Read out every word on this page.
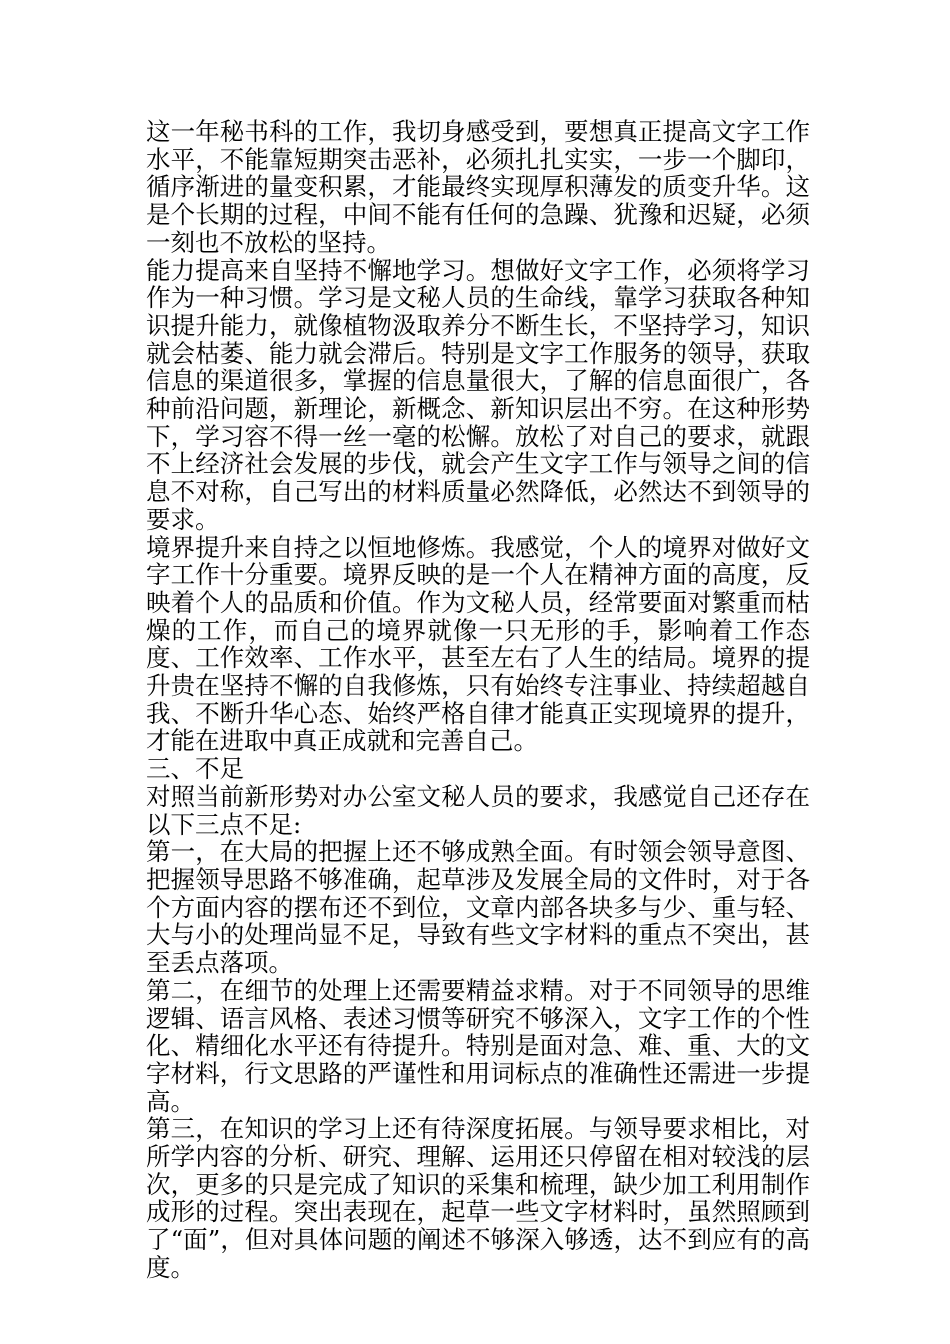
这一年秘书科的工作，我切身感受到，要想真正提高文字工作水平，不能靠短期突击恶补，必须扎扎实实，一步一个脚印，循序渐进的量变积累，才能最终实现厚积薄发的质变升华。这是个长期的过程，中间不能有任何的急躁、犹豫和迟疑，必须一刻也不放松的坚持。

能力提高来自坚持不懈地学习。想做好文字工作，必须将学习作为一种习惯。学习是文秘人员的生命线，靠学习获取各种知识提升能力，就像植物汲取养分不断生长，不坚持学习，知识就会枯萎、能力就会滞后。特别是文字工作服务的领导，获取信息的渠道很多，掌握的信息量很大，了解的信息面很广，各种前沿问题，新理论，新概念、新知识层出不穷。在这种形势下，学习容不得一丝一毫的松懈。放松了对自己的要求，就跟不上经济社会发展的步伐，就会产生文字工作与领导之间的信息不对称，自己写出的材料质量必然降低，必然达不到领导的要求。

境界提升来自持之以恒地修炼。我感觉，个人的境界对做好文字工作十分重要。境界反映的是一个人在精神方面的高度，反映着个人的品质和价值。作为文秘人员，经常要面对繁重而枯燥的工作，而自己的境界就像一只无形的手，影响着工作态度、工作效率、工作水平，甚至左右了人生的结局。境界的提升贵在坚持不懈的自我修炼，只有始终专注事业、持续超越自我、不断升华心态、始终严格自律才能真正实现境界的提升，才能在进取中真正成就和完善自己。

三、不足

对照当前新形势对办公室文秘人员的要求，我感觉自己还存在以下三点不足:

第一，在大局的把握上还不够成熟全面。有时领会领导意图、把握领导思路不够准确，起草涉及发展全局的文件时，对于各个方面内容的摆布还不到位，文章内部各块多与少、重与轻、大与小的处理尚显不足，导致有些文字材料的重点不突出，甚至丢点落项。

第二，在细节的处理上还需要精益求精。对于不同领导的思维逻辑、语言风格、表述习惯等研究不够深入，文字工作的个性化、精细化水平还有待提升。特别是面对急、难、重、大的文字材料，行文思路的严谨性和用词标点的准确性还需进一步提高。

第三，在知识的学习上还有待深度拓展。与领导要求相比，对所学内容的分析、研究、理解、运用还只停留在相对较浅的层次，更多的只是完成了知识的采集和梳理，缺少加工利用制作成形的过程。突出表现在，起草一些文字材料时，虽然照顾到了“面”，但对具体问题的阐述不够深入够透，达不到应有的高度。
